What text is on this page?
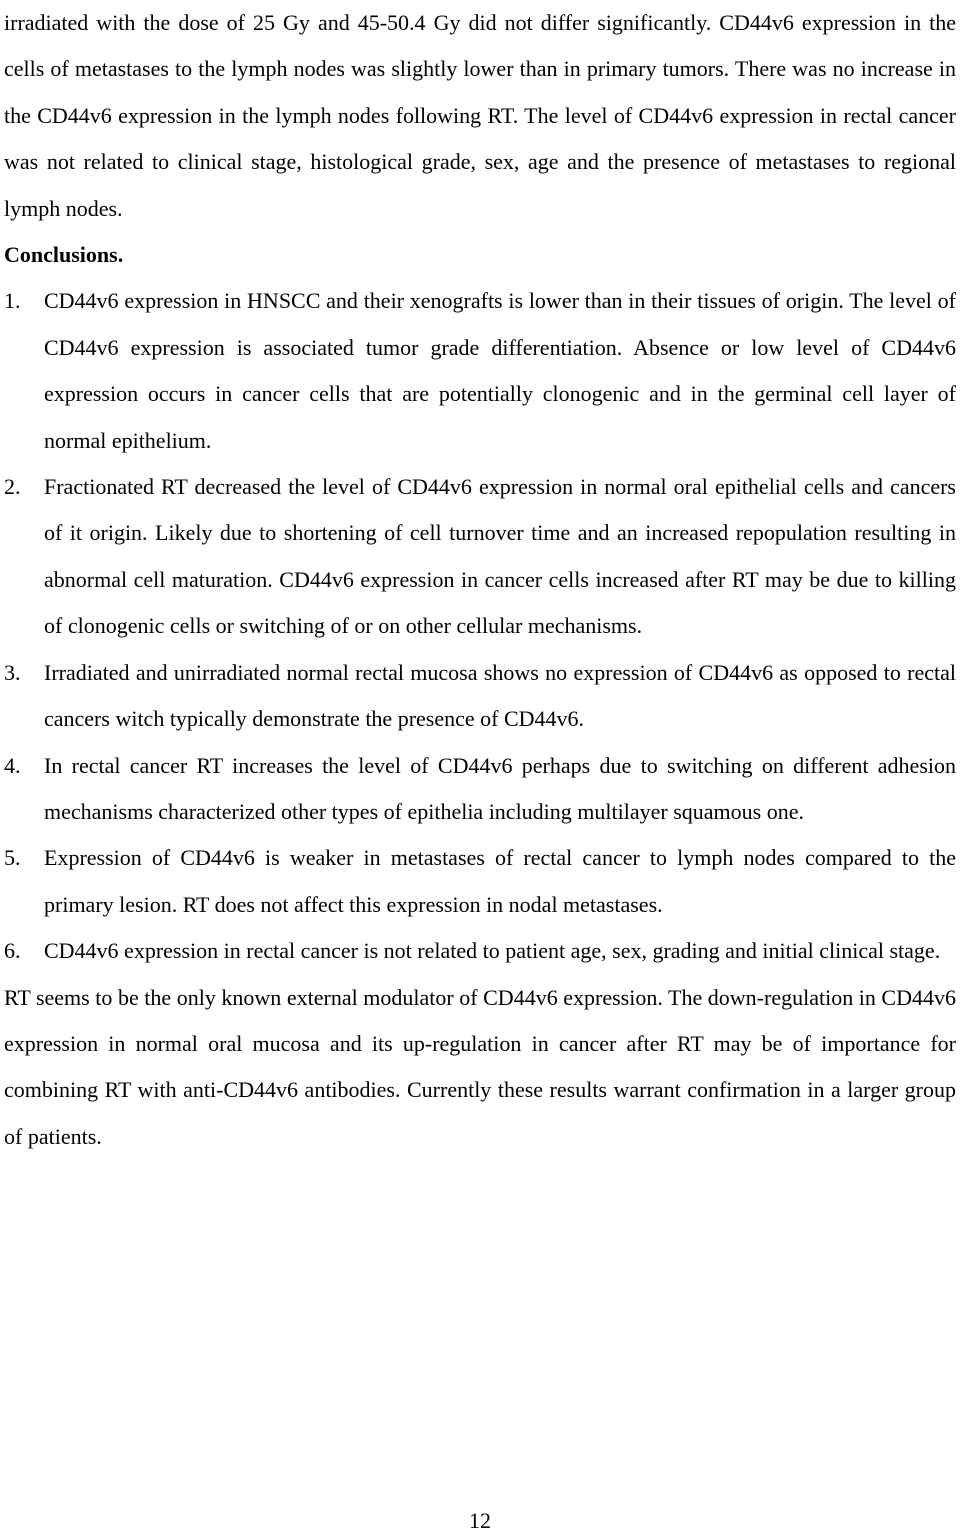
irradiated with the dose of 25 Gy and 45-50.4 Gy did not differ significantly. CD44v6 expression in the cells of metastases to the lymph nodes was slightly lower than in primary tumors. There was no increase in the CD44v6 expression in the lymph nodes following RT. The level of CD44v6 expression in rectal cancer was not related to clinical stage, histological grade, sex, age and the presence of metastases to regional lymph nodes.

Conclusions.

1. CD44v6 expression in HNSCC and their xenografts is lower than in their tissues of origin. The level of CD44v6 expression is associated tumor grade differentiation. Absence or low level of CD44v6 expression occurs in cancer cells that are potentially clonogenic and in the germinal cell layer of normal epithelium.
2. Fractionated RT decreased the level of CD44v6 expression in normal oral epithelial cells and cancers of it origin. Likely due to shortening of cell turnover time and an increased repopulation resulting in abnormal cell maturation. CD44v6 expression in cancer cells increased after RT may be due to killing of clonogenic cells or switching of or on other cellular mechanisms.
3. Irradiated and unirradiated normal rectal mucosa shows no expression of CD44v6 as opposed to rectal cancers witch typically demonstrate the presence of CD44v6.
4. In rectal cancer RT increases the level of CD44v6 perhaps due to switching on different adhesion mechanisms characterized other types of epithelia including multilayer squamous one.
5. Expression of CD44v6 is weaker in metastases of rectal cancer to lymph nodes compared to the primary lesion. RT does not affect this expression in nodal metastases.
6. CD44v6 expression in rectal cancer is not related to patient age, sex, grading and initial clinical stage.

RT seems to be the only known external modulator of CD44v6 expression. The down-regulation in CD44v6 expression in normal oral mucosa and its up-regulation in cancer after RT may be of importance for combining RT with anti-CD44v6 antibodies. Currently these results warrant confirmation in a larger group of patients.

12
